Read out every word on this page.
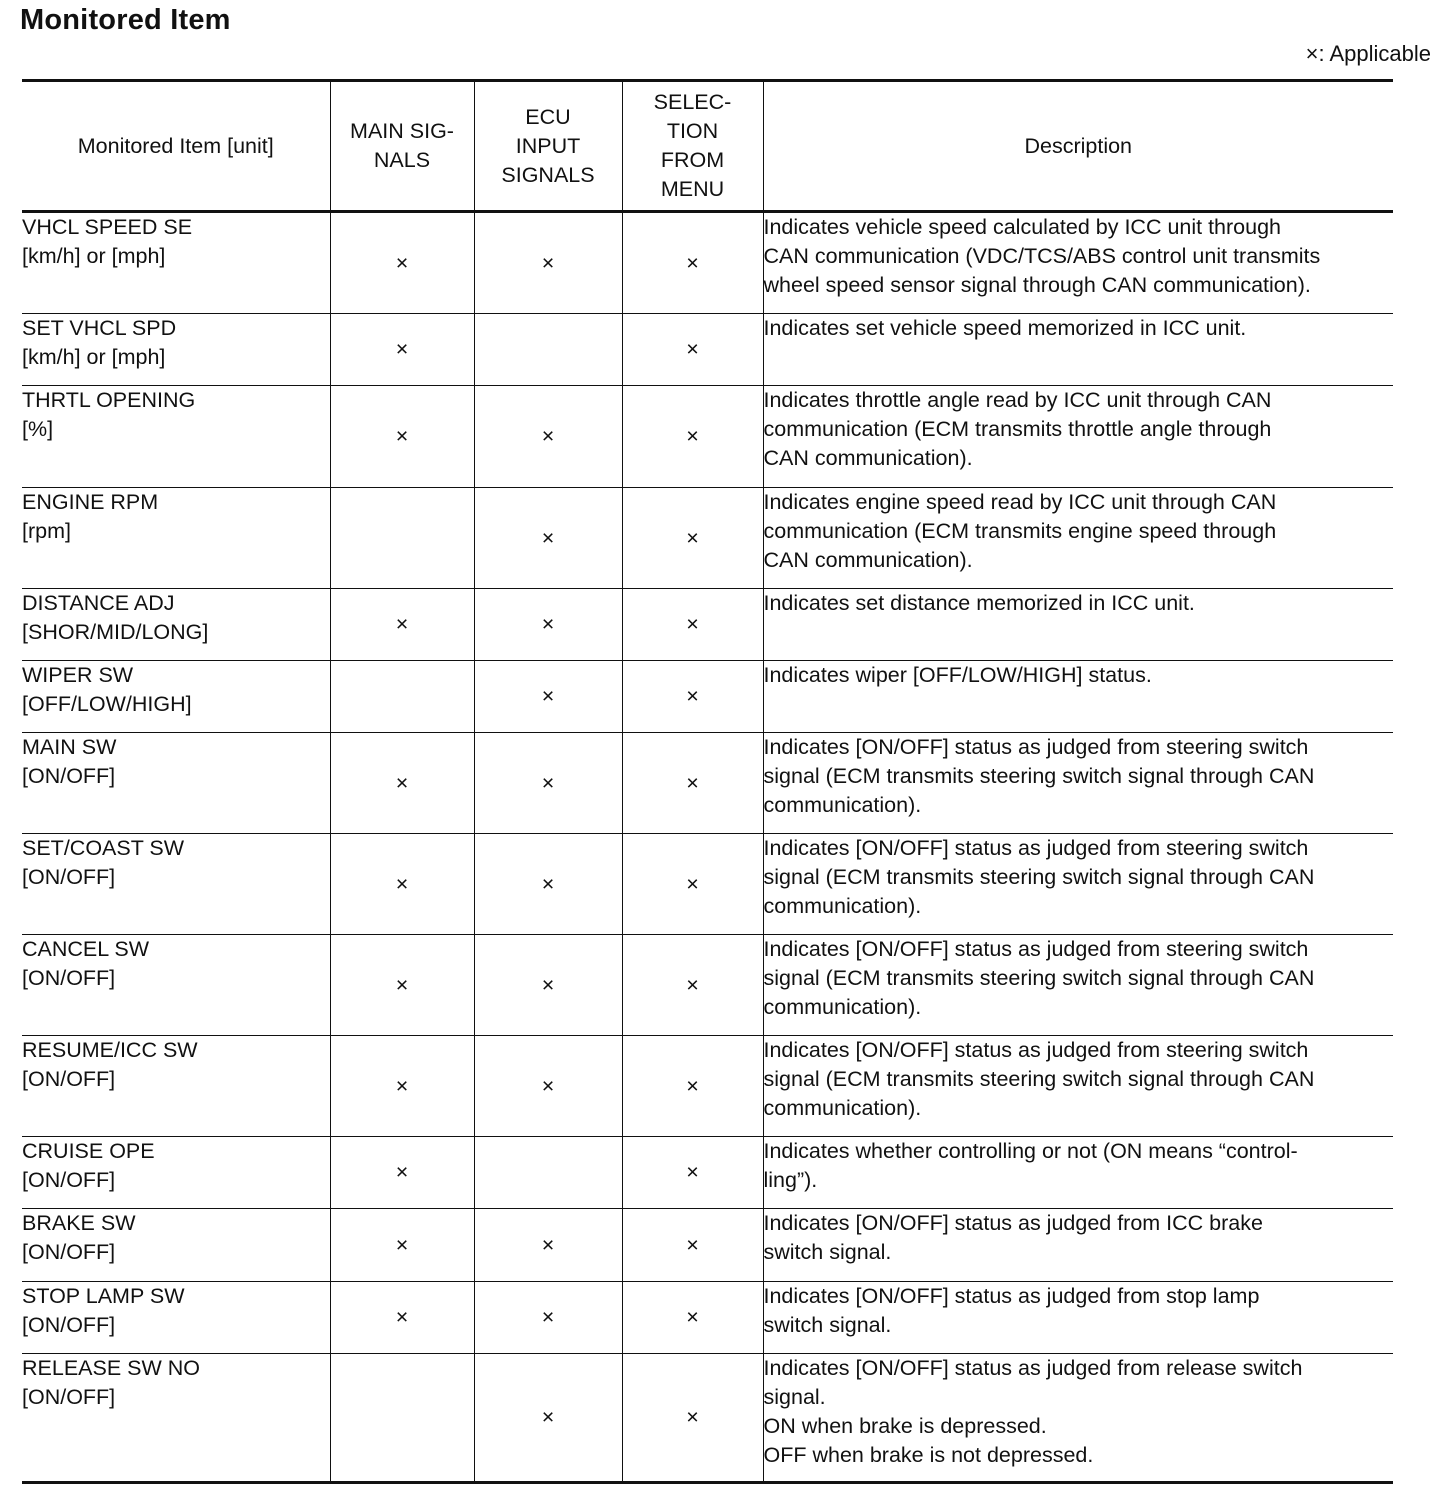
Monitored Item
×: Applicable
Monitored Item [unit]	MAIN SIG-
NALS	ECU
INPUT
SIGNALS	SELEC-
TION
FROM
MENU	Description

VHCL SPEED SE
[km/h] or [mph]	×	×	×	Indicates vehicle speed calculated by ICC unit through
CAN communication (VDC/TCS/ABS control unit transmits
wheel speed sensor signal through CAN communication).

SET VHCL SPD
[km/h] or [mph]	×		×	Indicates set vehicle speed memorized in ICC unit.

THRTL OPENING
[%]	×	×	×	Indicates throttle angle read by ICC unit through CAN
communication (ECM transmits throttle angle through
CAN communication).

ENGINE RPM
[rpm]		×	×	Indicates engine speed read by ICC unit through CAN
communication (ECM transmits engine speed through
CAN communication).

DISTANCE ADJ
[SHOR/MID/LONG]	×	×	×	Indicates set distance memorized in ICC unit.

WIPER SW
[OFF/LOW/HIGH]		×	×	Indicates wiper [OFF/LOW/HIGH] status.

MAIN SW
[ON/OFF]	×	×	×	Indicates [ON/OFF] status as judged from steering switch
signal (ECM transmits steering switch signal through CAN
communication).

SET/COAST SW
[ON/OFF]	×	×	×	Indicates [ON/OFF] status as judged from steering switch
signal (ECM transmits steering switch signal through CAN
communication).

CANCEL SW
[ON/OFF]	×	×	×	Indicates [ON/OFF] status as judged from steering switch
signal (ECM transmits steering switch signal through CAN
communication).

RESUME/ICC SW
[ON/OFF]	×	×	×	Indicates [ON/OFF] status as judged from steering switch
signal (ECM transmits steering switch signal through CAN
communication).

CRUISE OPE
[ON/OFF]	×		×	Indicates whether controlling or not (ON means “control-
ling”).

BRAKE SW
[ON/OFF]	×	×	×	Indicates [ON/OFF] status as judged from ICC brake
switch signal.

STOP LAMP SW
[ON/OFF]	×	×	×	Indicates [ON/OFF] status as judged from stop lamp
switch signal.

RELEASE SW NO
[ON/OFF]		×	×	Indicates [ON/OFF] status as judged from release switch
signal.
ON when brake is depressed.
OFF when brake is not depressed.
